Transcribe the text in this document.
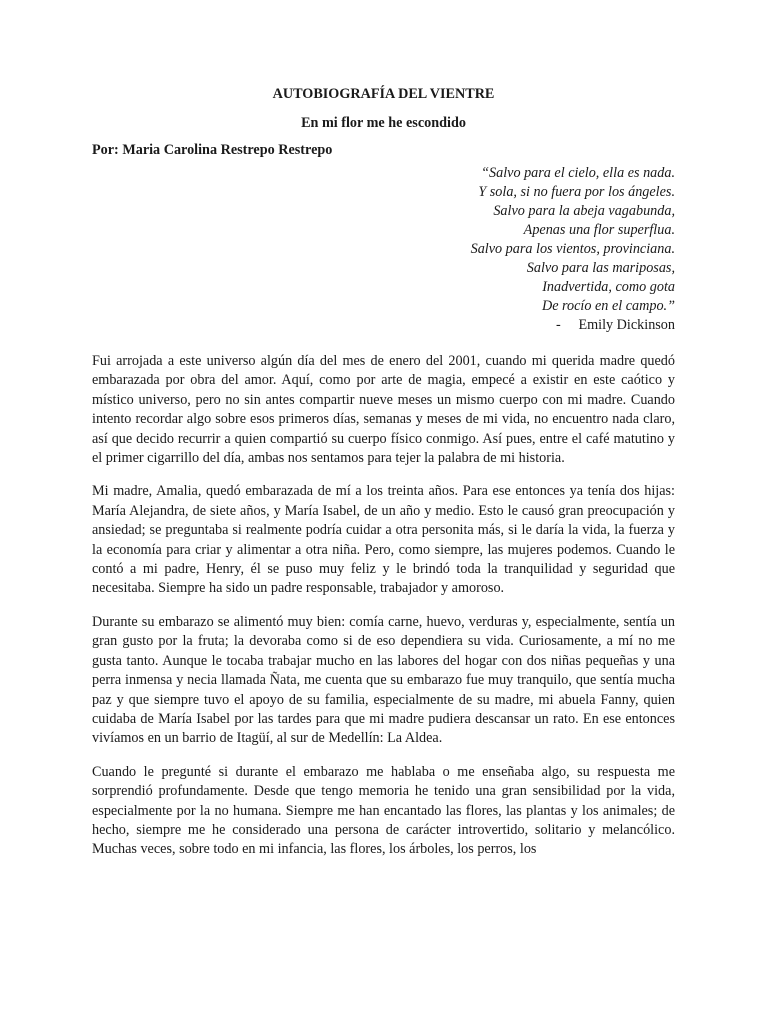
AUTOBIOGRAFÍA DEL VIENTRE
En mi flor me he escondido
Por: Maria Carolina Restrepo Restrepo
“Salvo para el cielo, ella es nada.
Y sola, si no fuera por los ángeles.
Salvo para la abeja vagabunda,
Apenas una flor superflua.
Salvo para los vientos, provinciana.
Salvo para las mariposas,
Inadvertida, como gota
De rocío en el campo.”
-     Emily Dickinson

Fui arrojada a este universo algún día del mes de enero del 2001, cuando mi querida madre quedó embarazada por obra del amor. Aquí, como por arte de magia, empecé a existir en este caótico y místico universo, pero no sin antes compartir nueve meses un mismo cuerpo con mi madre. Cuando intento recordar algo sobre esos primeros días, semanas y meses de mi vida, no encuentro nada claro, así que decido recurrir a quien compartió su cuerpo físico conmigo. Así pues, entre el café matutino y el primer cigarrillo del día, ambas nos sentamos para tejer la palabra de mi historia.

Mi madre, Amalia, quedó embarazada de mí a los treinta años. Para ese entonces ya tenía dos hijas: María Alejandra, de siete años, y María Isabel, de un año y medio. Esto le causó gran preocupación y ansiedad; se preguntaba si realmente podría cuidar a otra personita más, si le daría la vida, la fuerza y la economía para criar y alimentar a otra niña. Pero, como siempre, las mujeres podemos. Cuando le contó a mi padre, Henry, él se puso muy feliz y le brindó toda la tranquilidad y seguridad que necesitaba. Siempre ha sido un padre responsable, trabajador y amoroso.

Durante su embarazo se alimentó muy bien: comía carne, huevo, verduras y, especialmente, sentía un gran gusto por la fruta; la devoraba como si de eso dependiera su vida. Curiosamente, a mí no me gusta tanto. Aunque le tocaba trabajar mucho en las labores del hogar con dos niñas pequeñas y una perra inmensa y necia llamada Ñata, me cuenta que su embarazo fue muy tranquilo, que sentía mucha paz y que siempre tuvo el apoyo de su familia, especialmente de su madre, mi abuela Fanny, quien cuidaba de María Isabel por las tardes para que mi madre pudiera descansar un rato. En ese entonces vivíamos en un barrio de Itagüí, al sur de Medellín: La Aldea.

Cuando le pregunté si durante el embarazo me hablaba o me enseñaba algo, su respuesta me sorprendió profundamente. Desde que tengo memoria he tenido una gran sensibilidad por la vida, especialmente por la no humana. Siempre me han encantado las flores, las plantas y los animales; de hecho, siempre me he considerado una persona de carácter introvertido, solitario y melancólico. Muchas veces, sobre todo en mi infancia, las flores, los árboles, los perros, los
